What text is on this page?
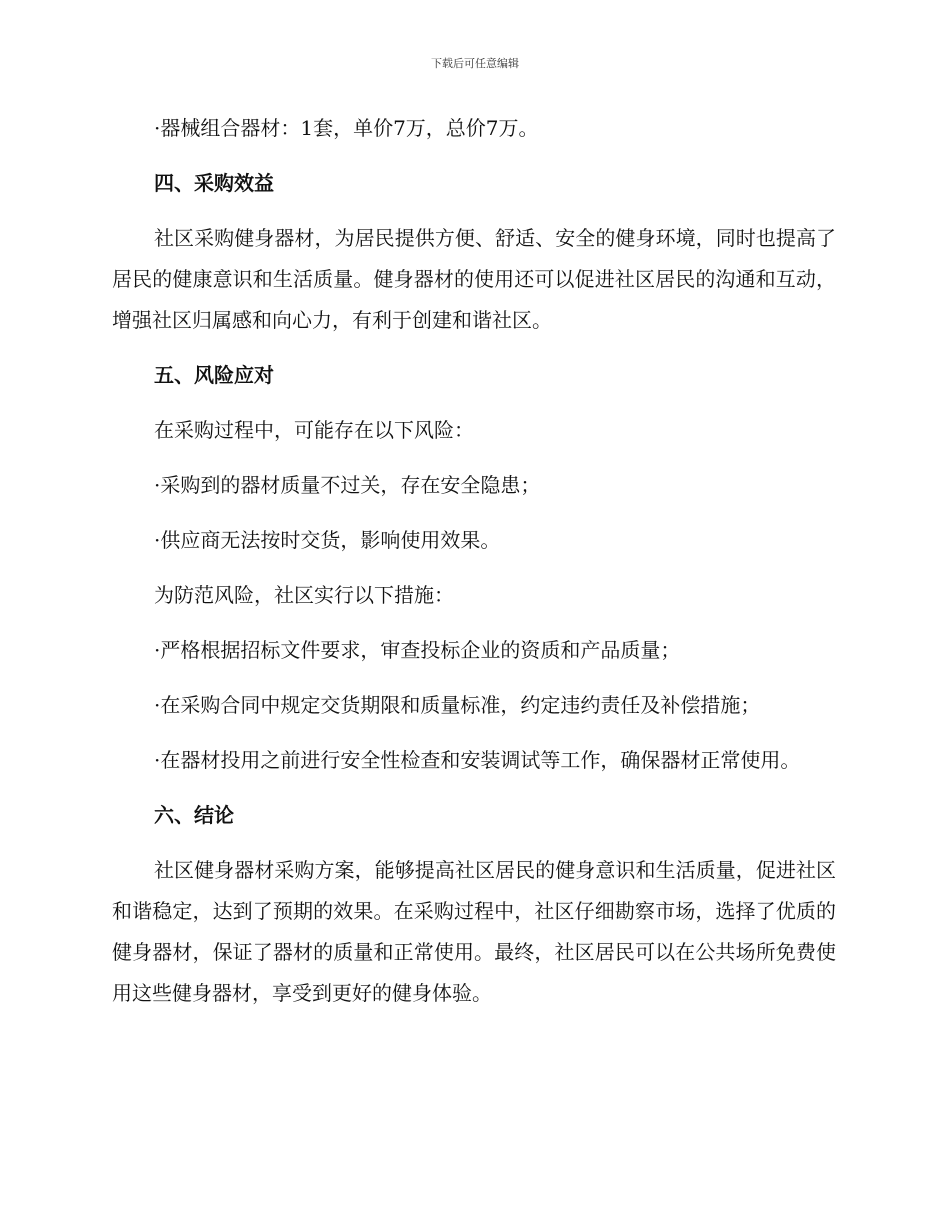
下载后可任意编辑
·器械组合器材：1套，单价7万，总价7万。
四、采购效益
社区采购健身器材，为居民提供方便、舒适、安全的健身环境，同时也提高了居民的健康意识和生活质量。健身器材的使用还可以促进社区居民的沟通和互动，增强社区归属感和向心力，有利于创建和谐社区。
五、风险应对
在采购过程中，可能存在以下风险：
·采购到的器材质量不过关，存在安全隐患；
·供应商无法按时交货，影响使用效果。
为防范风险，社区实行以下措施：
·严格根据招标文件要求，审查投标企业的资质和产品质量；
·在采购合同中规定交货期限和质量标准，约定违约责任及补偿措施；
·在器材投用之前进行安全性检查和安装调试等工作，确保器材正常使用。
六、结论
社区健身器材采购方案，能够提高社区居民的健身意识和生活质量，促进社区和谐稳定，达到了预期的效果。在采购过程中，社区仔细勘察市场，选择了优质的健身器材，保证了器材的质量和正常使用。最终，社区居民可以在公共场所免费使用这些健身器材，享受到更好的健身体验。
